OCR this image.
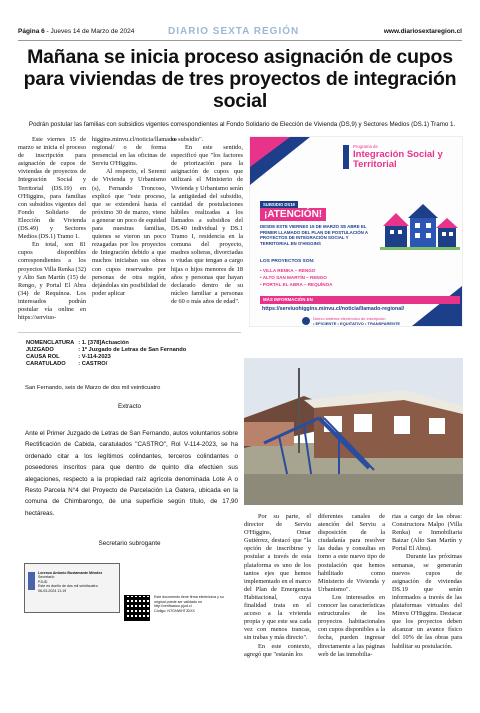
Página 6 - Jueves 14 de Marzo de 2024	DIARIO SEXTA REGIÓN	www.diariosextaregion.cl
Mañana se inicia proceso asignación de cupos para viviendas de tres proyectos de integración social
Podrán postular las familias con subsidios vigentes correspondientes al Fondo Solidario de Elección de Vivienda (DS,9) y Sectores Medios (DS.1) Tramo 1.

Este viernes 15 de marzo se inicia el proceso de inscripción para asignación de cupos de viviendas de proyectos de Integración Social y Territorial (DS.19) en O'Higgins, para familias con subsidios vigentes del Fondo Solidario de Elección de Vivienda (DS.49) y Sectores Medios (DS.1) Tramo 1.

En total, son 81 cupos disponibles correspondientes a los proyectos Villa Renka (32) y Alto San Martín (15) de Rengo, y Portal El Abra (34) de Requínoa. Los interesados podrán postular vía online en https://serviuo-

higgins.minvu.cl/noticia/llamado-regional/ o de forma presencial en las oficinas de Serviu O'Higgins.

Al respecto, el Seremi de Vivienda y Urbanismo (s), Fernando Troncoso, explicó que "este proceso, que se extenderá hasta el próximo 30 de marzo, viene a generar un poco de equidad para nuestras familias, quienes se vieron un poco rezagadas por los proyectos de Integración debido a que muchos iniciaban sus obras con cupos reservados por personas de otra región, dejándolas sin posibilidad de poder aplicar

su subsidio".

En este sentido, especificó que "los factores de priorización para la asignación de cupos que utilizará el Ministerio de Vivienda y Urbanismo serán la antigüedad del subsidio, cantidad de postulaciones hábiles realizadas a los llamados a subsidios del DS.40 individual y DS.1 Tramo I, residencia en la comuna del proyecto, madres solteras, divorciadas o viudas que tengan a cargo hijas o hijos menores de 18 años y personas que hayan declarado dentro de su núcleo familiar a personas de 60 o más años de edad".

Programa de
Integración Social y Territorial
SUBSIDIO DS19
¡ATENCIÓN!
DESDE ESTE VIERNES 15 DE MARZO SE ABRE EL PRIMER LLAMADO DEL PLAN DE POSTULACIÓN A PROYECTOS DE INTEGRACIÓN SOCIAL Y TERRITORIAL EN O'HIGGINS
LOS PROYECTOS SON:
• VILLA RENKA – RENGO
• ALTO SAN MARTÍN – RENGO
• PORTAL EL ABRA – REQUÍNOA
MÁS INFORMACIÓN EN
https://serviuohiggins.minvu.cl/noticia/llamado-regional/
Nuevo sistema electrónico de inscripción
• EFICIENTE • EQUITATIVO • TRANSPARENTE
NOMENCLATURA	: 1. [378]Actuación
JUZGADO	: 1º Juzgado de Letras de San Fernando
CAUSA ROL	: V-114-2023
CARATULADO	: CASTRO/
San Fernando, seis de Marzo de dos mil veinticuatro
Extracto
Ante el Primer Juzgado de Letras de San Fernando, autos voluntarios sobre Rectificación de Cabida, caratulados "CASTRO", Rol V-114-2023, se ha ordenado citar a los legítimos colindantes, terceros colindantes o poseedores inscritos para que dentro de quinto día efectúen sus alegaciones, respecto a la propiedad raíz agrícola denominada Lote A o Resto Parcela N°4 del Proyecto de Parcelación La Gatera, ubicada en la comuna de Chimbarongo, de una superficie según título, de 17,90 hectáreas.
Secretario subrogante
Lorenzo Antonio Bustamante Méndez
Secretario
PJUD
Este es dueño de dos mil veinticuatro
06-03-2024 11:19
Este documento tiene firma electrónica y su original puede ser validado en http://verificadoc.pjud.cl
Código: NTGNWHTJDXX

Por su parte, el director de Serviu O'Higgins, Omar Gutiérrez, destacó que "la opción de inscribirse y postular a través de esta plataforma es uno de los tantos ejes que hemos implementado en el marco del Plan de Emergencia Habitacional, cuya finalidad trata en el acceso a la vivienda propia y que este sea cada vez con menos trancas, sin trabas y más directo".

En este contexto, agregó que "estarán los

diferentes canales de atención del Serviu a disposición de la ciudadanía para resolver las dudas y consultas en torno a este nuevo tipo de postulación que hemos habilitado como Ministerio de Vivienda y Urbanismo".

Los interesados en conocer las características estructurales de los proyectos habitacionales con cupos disponibles a la fecha, pueden ingresar directamente a las páginas web de las inmobilia-

rias a cargo de las obras: Constructora Malpo (Villa Renka) e Inmobiliaria Baizar (Alto San Martín y Portal El Abra).

Durante las próximas semanas, se generarán nuevos cupos de asignación de viviendas DS.19 que serán informados a través de las plataformas virtuales del Minvu O'Higgins. Destacar que los proyectos deben alcanzar un avance físico del 10% de las obras para habilitar su postulación.
